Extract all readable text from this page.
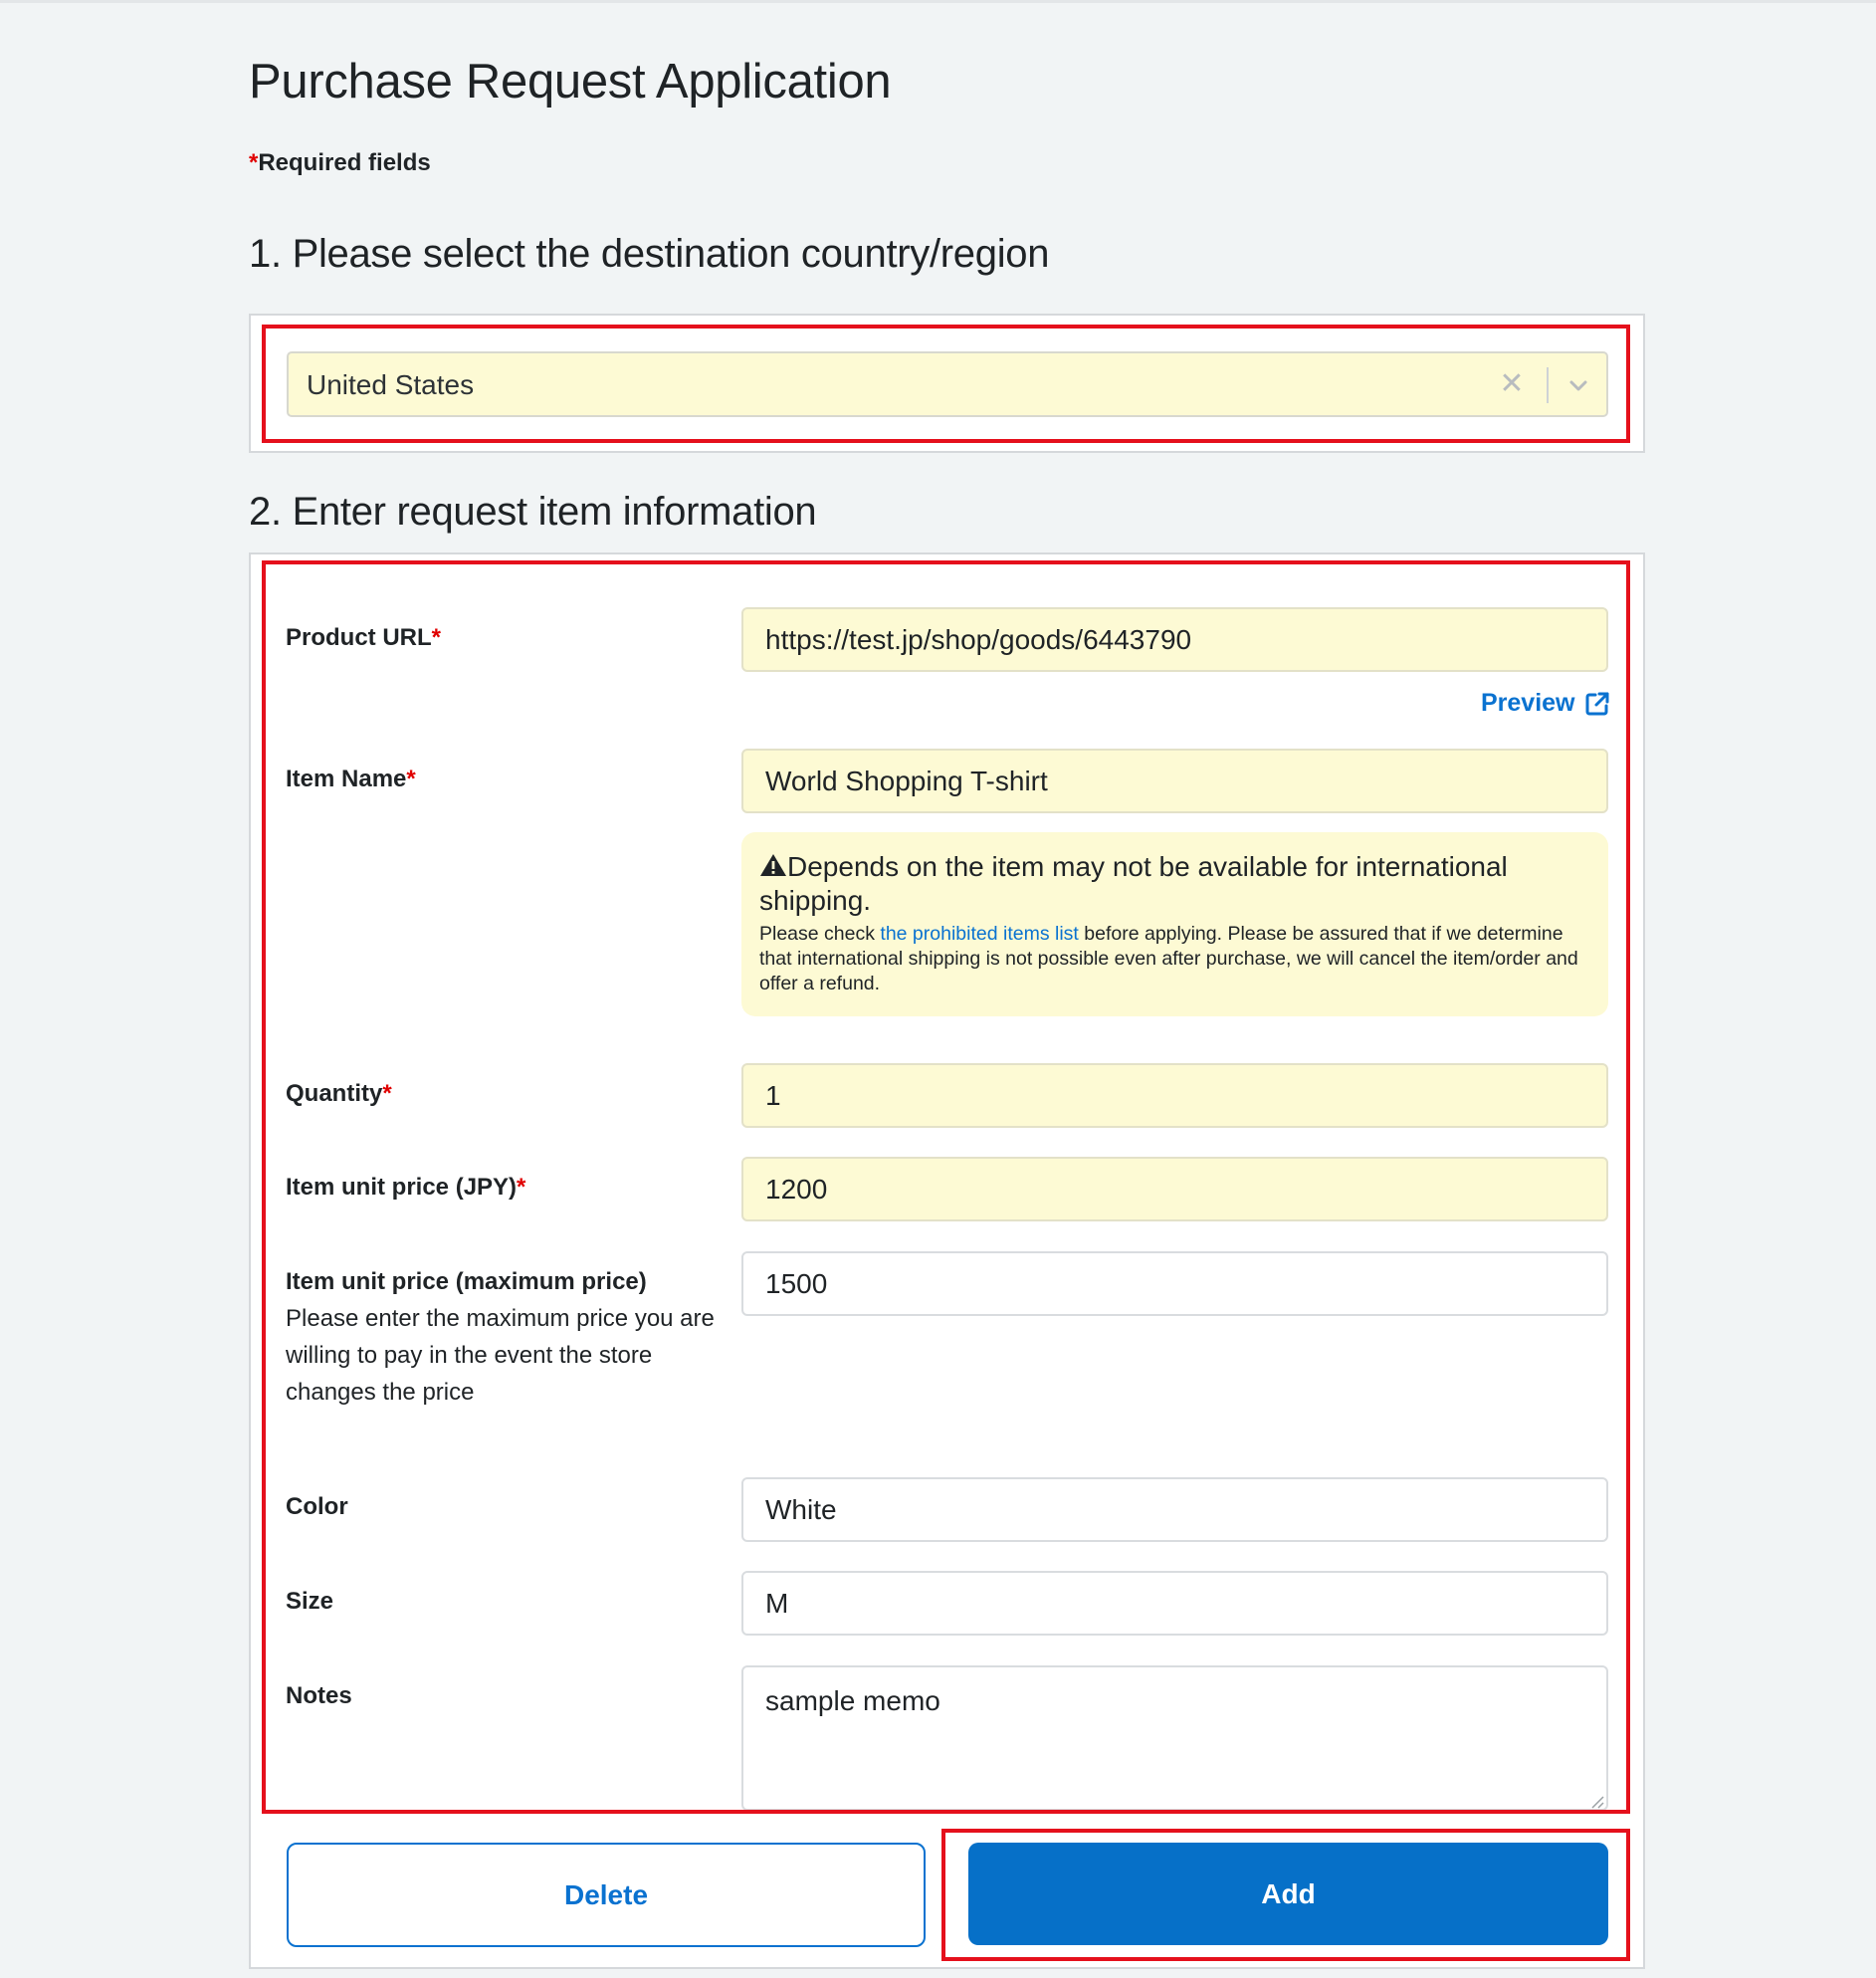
Purchase Request Application
*Required fields
1. Please select the destination country/region
United States	✕
2. Enter request item information
Product URL*
https://test.jp/shop/goods/6443790
Preview
Item Name*
World Shopping T-shirt
Depends on the item may not be available for international shipping.
Please check the prohibited items list before applying. Please be assured that if we determine that international shipping is not possible even after purchase, we will cancel the item/order and offer a refund.
Quantity*
1
Item unit price (JPY)*
1200
Item unit price (maximum price)
Please enter the maximum price you are willing to pay in the event the store changes the price
1500
Color
White
Size
M
Notes
sample memo
Delete	Add
